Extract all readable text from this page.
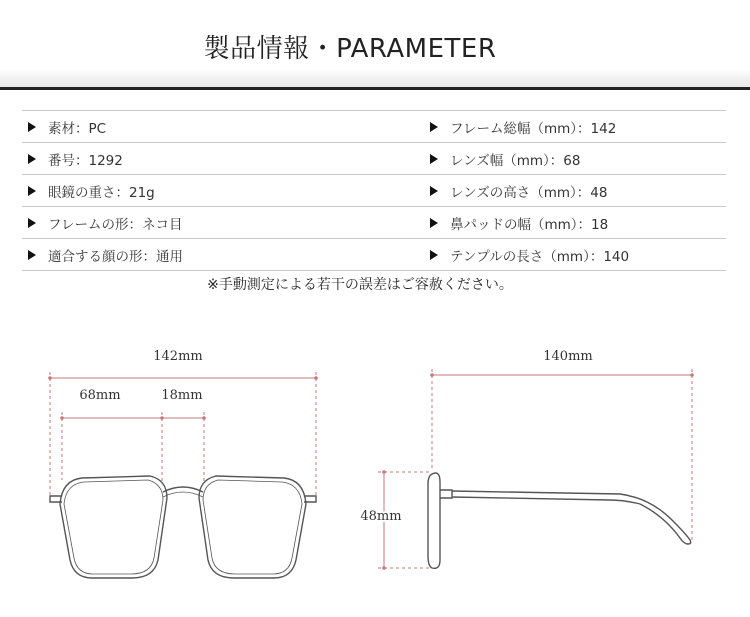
製品情報・PARAMETER
素材：PC	フレーム総幅（mm）：142
番号：1292	レンズ幅（mm）：68
眼鏡の重さ：21g	レンズの高さ（mm）：48
フレームの形：ネコ目	鼻パッドの幅（mm）：18
適合する顔の形：通用	テンプルの長さ（mm）：140
※手動測定による若干の誤差はご容赦ください。
142mm
68mm	18mm
140mm
48mm
